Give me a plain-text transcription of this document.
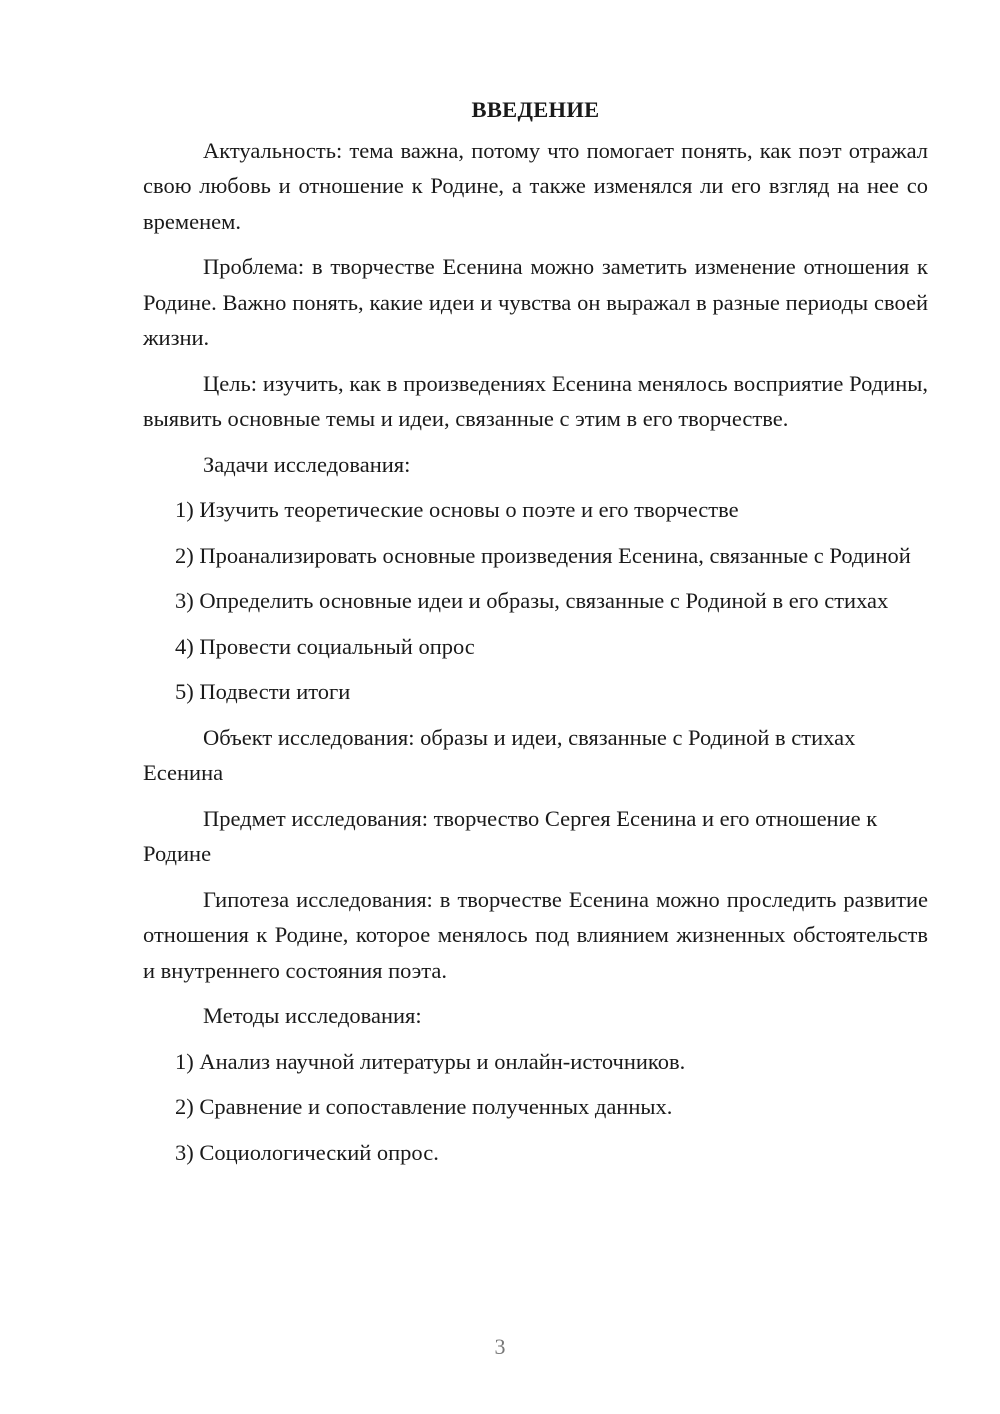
ВВЕДЕНИЕ
Актуальность: тема важна, потому что помогает понять, как поэт отражал свою любовь и отношение к Родине, а также изменялся ли его взгляд на нее со временем.
Проблема: в творчестве Есенина можно заметить изменение отношения к Родине. Важно понять, какие идеи и чувства он выражал в разные периоды своей жизни.
Цель: изучить, как в произведениях Есенина менялось восприятие Родины, выявить основные темы и идеи, связанные с этим в его творчестве.
Задачи исследования:
1) Изучить теоретические основы о поэте и его творчестве
2) Проанализировать основные произведения Есенина, связанные с Родиной
3) Определить основные идеи и образы, связанные с Родиной в его стихах
4) Провести социальный опрос
5) Подвести итоги
Объект исследования: образы и идеи, связанные с Родиной в стихах Есенина
Предмет исследования: творчество Сергея Есенина и его отношение к Родине
Гипотеза исследования: в творчестве Есенина можно проследить развитие отношения к Родине, которое менялось под влиянием жизненных обстоятельств и внутреннего состояния поэта.
Методы исследования:
1) Анализ научной литературы и онлайн-источников.
2) Сравнение и сопоставление полученных данных.
3) Социологический опрос.
3
